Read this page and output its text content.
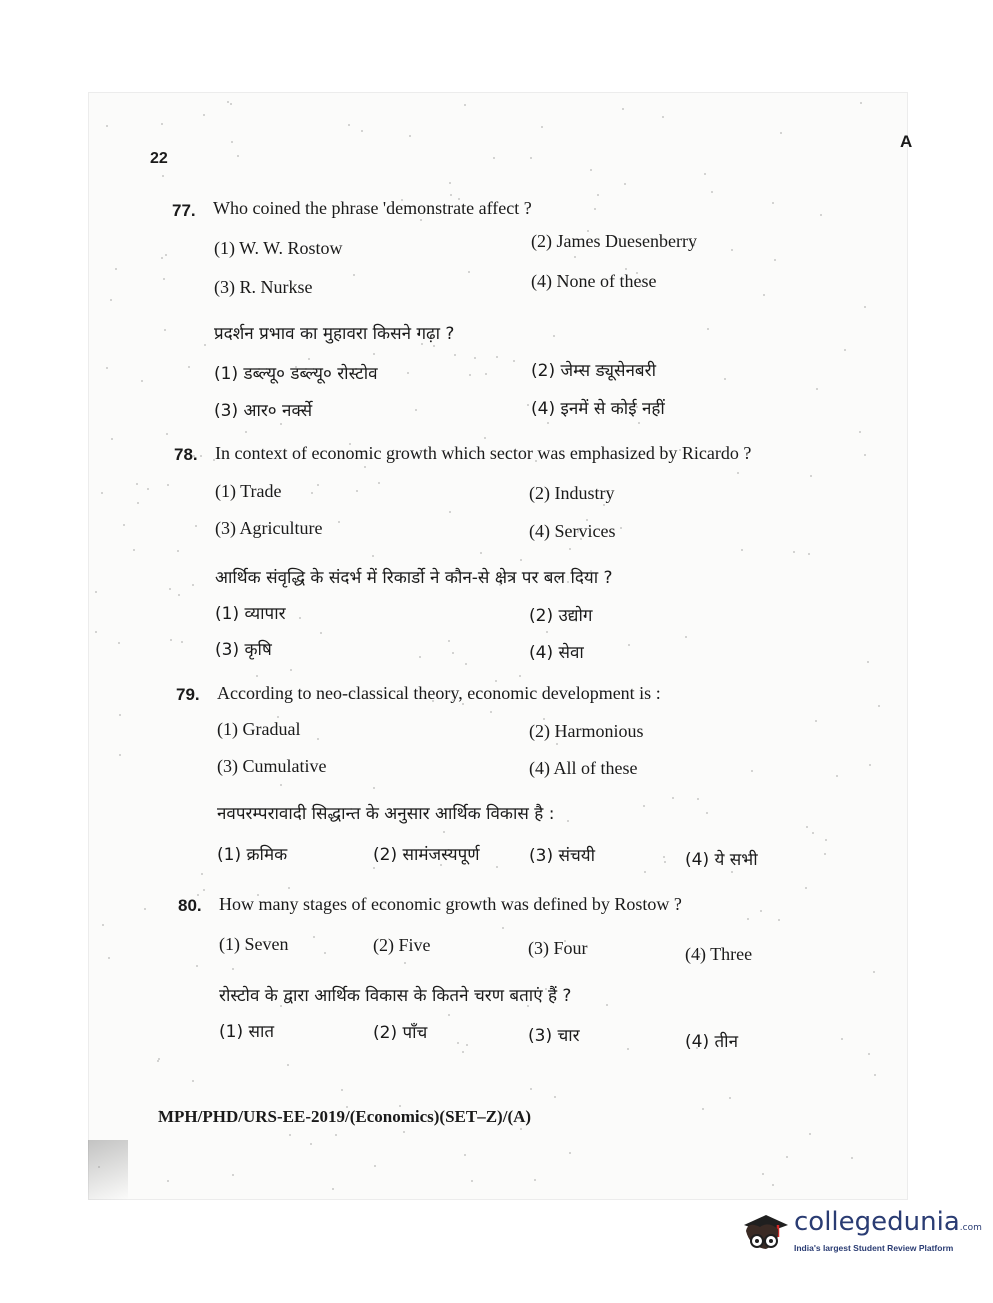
22
A
77. Who coined the phrase 'demonstrate affect ?
(1) W. W. Rostow	(2) James Duesenberry
(3) R. Nurkse	(4) None of these
प्रदर्शन प्रभाव का मुहावरा किसने गढ़ा ?
(1) डब्ल्यू० डब्ल्यू० रोस्टोव	(2) जेम्स ड्यूसेनबरी
(3) आर० नर्क्से	(4) इनमें से कोई नहीं
78. In context of economic growth which sector was emphasized by Ricardo ?
(1) Trade	(2) Industry
(3) Agriculture	(4) Services
आर्थिक संवृद्धि के संदर्भ में रिकार्डो ने कौन-से क्षेत्र पर बल दिया ?
(1) व्यापार	(2) उद्योग
(3) कृषि	(4) सेवा
79. According to neo-classical theory, economic development is :
(1) Gradual	(2) Harmonious
(3) Cumulative	(4) All of these
नवपरम्परावादी सिद्धान्त के अनुसार आर्थिक विकास है :
(1) क्रमिक	(2) सामंजस्यपूर्ण	(3) संचयी	(4) ये सभी
80. How many stages of economic growth was defined by Rostow ?
(1) Seven	(2) Five	(3) Four	(4) Three
रोस्टोव के द्वारा आर्थिक विकास के कितने चरण बताएं हैं ?
(1) सात	(2) पाँच	(3) चार	(4) तीन
MPH/PHD/URS-EE-2019/(Economics)(SET–Z)/(A)
collegedunia.com
India's largest Student Review Platform
